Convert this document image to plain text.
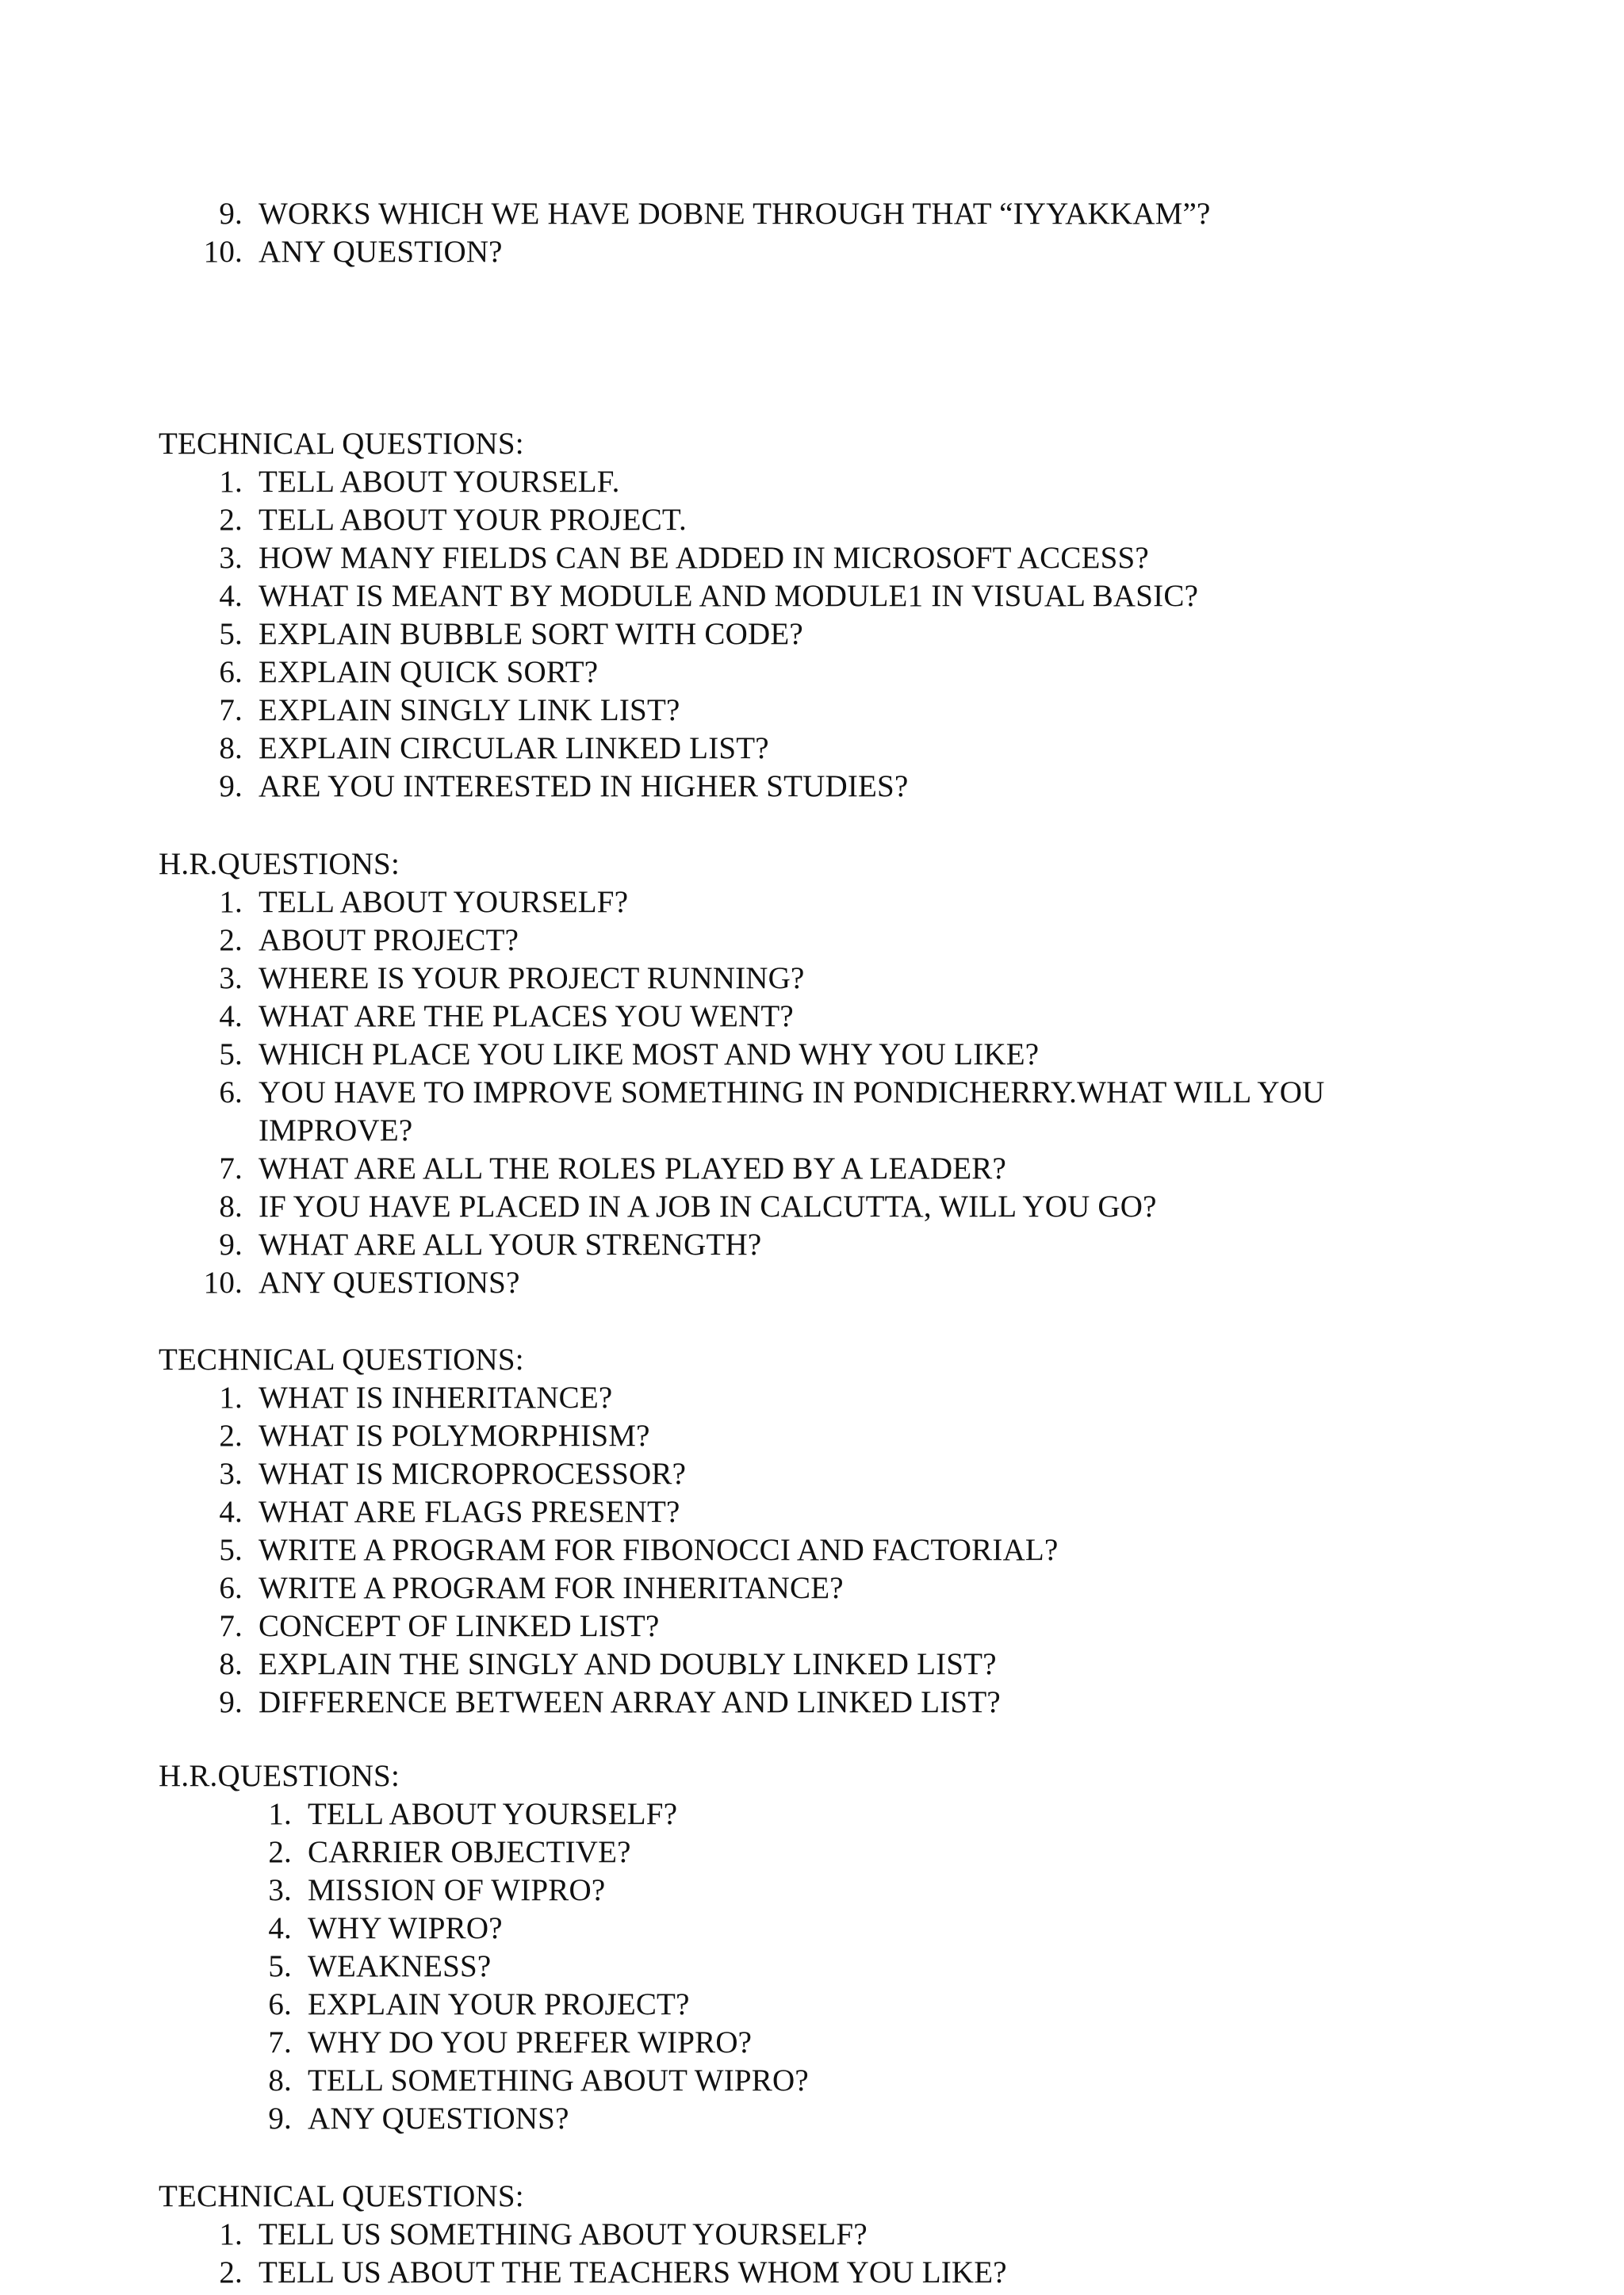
9. WORKS WHICH WE HAVE DOBNE THROUGH THAT “IYYAKKAM”?
10. ANY QUESTION?
TECHNICAL QUESTIONS:
1. TELL ABOUT YOURSELF.
2. TELL ABOUT YOUR PROJECT.
3. HOW MANY FIELDS CAN BE ADDED IN MICROSOFT ACCESS?
4. WHAT IS MEANT BY MODULE AND MODULE1 IN VISUAL BASIC?
5. EXPLAIN BUBBLE SORT WITH CODE?
6. EXPLAIN QUICK SORT?
7. EXPLAIN SINGLY LINK LIST?
8. EXPLAIN CIRCULAR LINKED LIST?
9. ARE YOU INTERESTED IN HIGHER STUDIES?
H.R.QUESTIONS:
1. TELL ABOUT YOURSELF?
2. ABOUT PROJECT?
3. WHERE IS YOUR PROJECT RUNNING?
4. WHAT ARE THE PLACES YOU WENT?
5. WHICH PLACE YOU LIKE MOST AND WHY YOU LIKE?
6. YOU HAVE TO IMPROVE SOMETHING IN PONDICHERRY.WHAT WILL YOU IMPROVE?
7. WHAT ARE ALL THE ROLES PLAYED BY A LEADER?
8. IF YOU HAVE PLACED IN A JOB IN CALCUTTA, WILL YOU GO?
9. WHAT ARE ALL YOUR STRENGTH?
10. ANY QUESTIONS?
TECHNICAL QUESTIONS:
1. WHAT IS INHERITANCE?
2. WHAT IS POLYMORPHISM?
3. WHAT IS MICROPROCESSOR?
4. WHAT ARE FLAGS PRESENT?
5. WRITE A PROGRAM FOR FIBONOCCI AND FACTORIAL?
6. WRITE A PROGRAM FOR INHERITANCE?
7. CONCEPT OF LINKED LIST?
8. EXPLAIN THE SINGLY AND DOUBLY LINKED LIST?
9. DIFFERENCE BETWEEN ARRAY AND LINKED LIST?
H.R.QUESTIONS:
1. TELL ABOUT YOURSELF?
2. CARRIER OBJECTIVE?
3. MISSION OF WIPRO?
4. WHY WIPRO?
5. WEAKNESS?
6. EXPLAIN YOUR PROJECT?
7. WHY DO YOU PREFER WIPRO?
8. TELL SOMETHING ABOUT WIPRO?
9. ANY QUESTIONS?
TECHNICAL QUESTIONS:
1. TELL US SOMETHING ABOUT YOURSELF?
2. TELL US ABOUT THE TEACHERS WHOM YOU LIKE?
